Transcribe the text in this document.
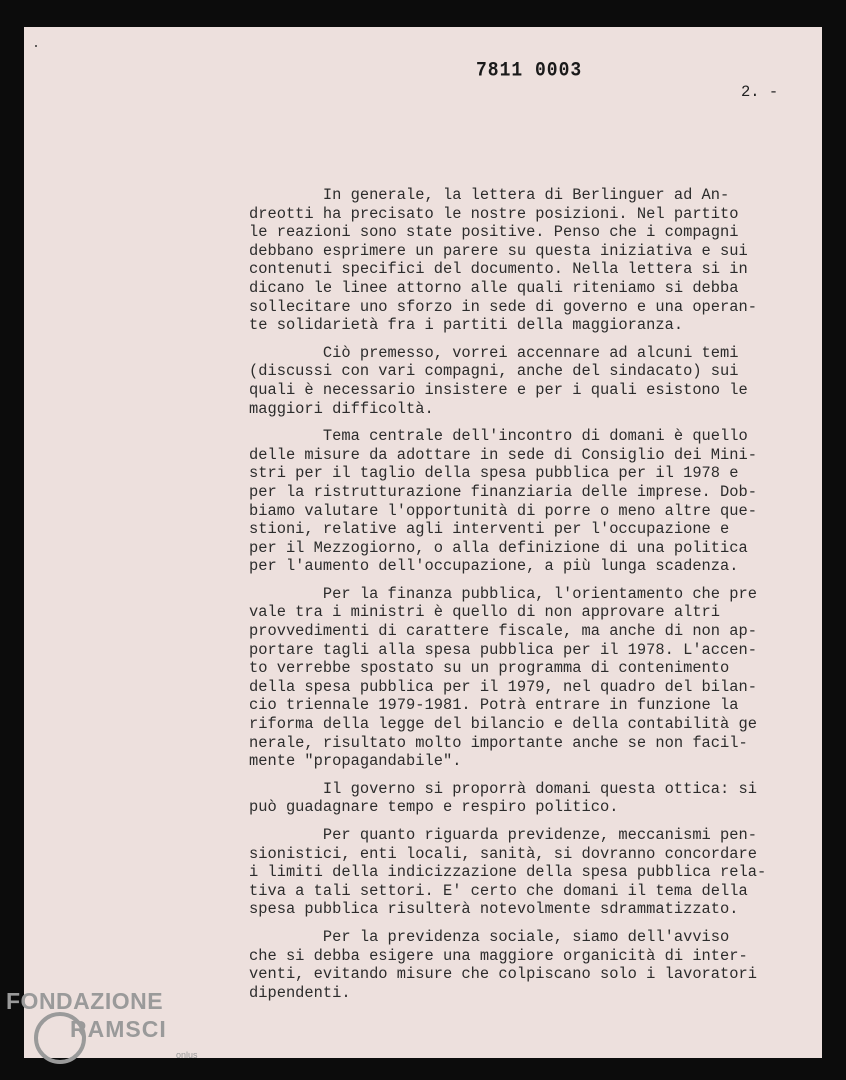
7811 0003
2. -
In generale, la lettera di Berlinguer ad An-
dreotti ha precisato le nostre posizioni. Nel partito
le reazioni sono state positive. Penso che i compagni
debbano esprimere un parere su questa iniziativa e sui
contenuti specifici del documento. Nella lettera si in
dicano le linee attorno alle quali riteniamo si debba
sollecitare uno sforzo in sede di governo e una operan-
te solidarietà fra i partiti della maggioranza.
Ciò premesso, vorrei accennare ad alcuni temi
(discussi con vari compagni, anche del sindacato) sui
quali è necessario insistere e per i quali esistono le
maggiori difficoltà.
Tema centrale dell'incontro di domani è quello
delle misure da adottare in sede di Consiglio dei Mini-
stri per il taglio della spesa pubblica per il 1978 e
per la ristrutturazione finanziaria delle imprese. Dob-
biamo valutare l'opportunità di porre o meno altre que-
stioni, relative agli interventi per l'occupazione e
per il Mezzogiorno, o alla definizione di una politica
per l'aumento dell'occupazione, a più lunga scadenza.
Per la finanza pubblica, l'orientamento che pre
vale tra i ministri è quello di non approvare altri
provvedimenti di carattere fiscale, ma anche di non ap-
portare tagli alla spesa pubblica per il 1978. L'accen-
to verrebbe spostato su un programma di contenimento
della spesa pubblica per il 1979, nel quadro del bilan-
cio triennale 1979-1981. Potrà entrare in funzione la
riforma della legge del bilancio e della contabilità ge
nerale, risultato molto importante anche se non facil-
mente "propagandabile".
Il governo si proporrà domani questa ottica: si
può guadagnare tempo e respiro politico.
Per quanto riguarda previdenze, meccanismi pen-
sionistici, enti locali, sanità, si dovranno concordare
i limiti della indicizzazione della spesa pubblica rela-
tiva a tali settori. E' certo che domani il tema della
spesa pubblica risulterà notevolmente sdrammatizzato.
Per la previdenza sociale, siamo dell'avviso
che si debba esigere una maggiore organicità di inter-
venti, evitando misure che colpiscano solo i lavoratori
dipendenti.
FONDAZIONE
RAMSCI
onlus
